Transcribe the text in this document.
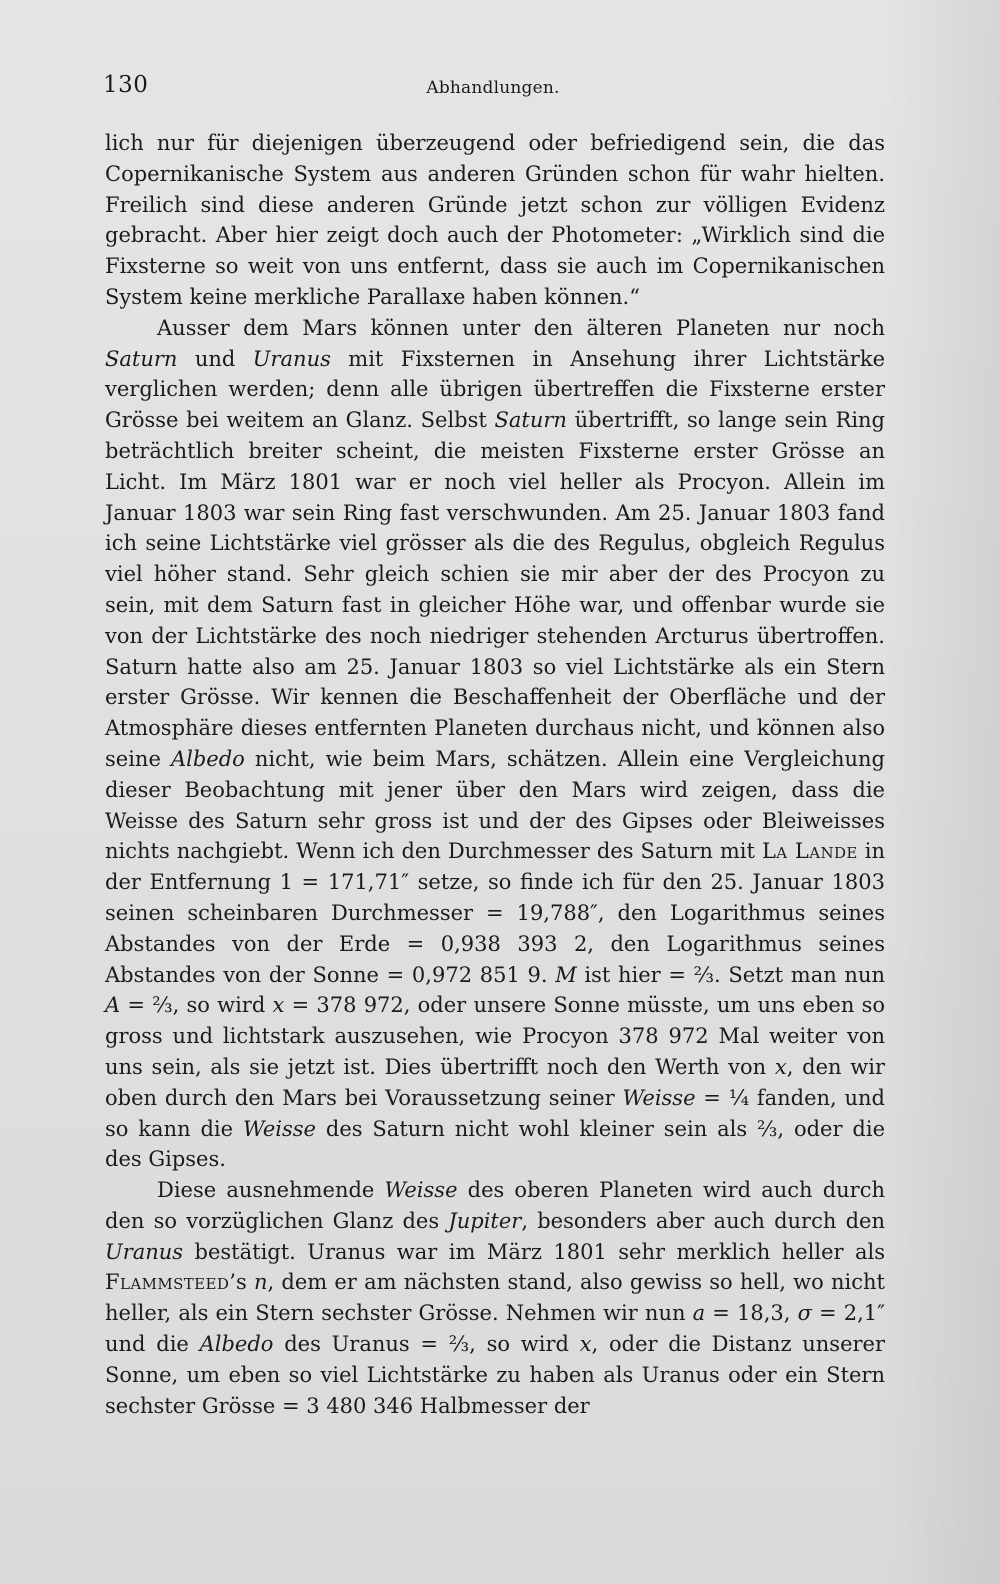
130	Abhandlungen.

lich nur für diejenigen überzeugend oder befriedigend sein, die das Copernikanische System aus anderen Gründen schon für wahr hielten. Freilich sind diese anderen Gründe jetzt schon zur völligen Evidenz gebracht. Aber hier zeigt doch auch der Photometer: „Wirklich sind die Fixsterne so weit von uns entfernt, dass sie auch im Copernikanischen System keine merkliche Parallaxe haben können.“

Ausser dem Mars können unter den älteren Planeten nur noch Saturn und Uranus mit Fixsternen in Ansehung ihrer Lichtstärke verglichen werden; denn alle übrigen übertreffen die Fixsterne erster Grösse bei weitem an Glanz. Selbst Saturn übertrifft, so lange sein Ring beträchtlich breiter scheint, die meisten Fixsterne erster Grösse an Licht. Im März 1801 war er noch viel heller als Procyon. Allein im Januar 1803 war sein Ring fast verschwunden. Am 25. Januar 1803 fand ich seine Lichtstärke viel grösser als die des Regulus, obgleich Regulus viel höher stand. Sehr gleich schien sie mir aber der des Procyon zu sein, mit dem Saturn fast in gleicher Höhe war, und offenbar wurde sie von der Lichtstärke des noch niedriger stehenden Arcturus übertroffen. Saturn hatte also am 25. Januar 1803 so viel Lichtstärke als ein Stern erster Grösse. Wir kennen die Beschaffenheit der Oberfläche und der Atmosphäre dieses entfernten Planeten durchaus nicht, und können also seine Albedo nicht, wie beim Mars, schätzen. Allein eine Vergleichung dieser Beobachtung mit jener über den Mars wird zeigen, dass die Weisse des Saturn sehr gross ist und der des Gipses oder Bleiweisses nichts nachgiebt. Wenn ich den Durchmesser des Saturn mit La Lande in der Entfernung 1 = 171,71″ setze, so finde ich für den 25. Januar 1803 seinen scheinbaren Durchmesser = 19,788″, den Logarithmus seines Abstandes von der Erde = 0,938 393 2, den Logarithmus seines Abstandes von der Sonne = 0,972 851 9. M ist hier = ⅔. Setzt man nun A = ⅔, so wird x = 378 972, oder unsere Sonne müsste, um uns eben so gross und lichtstark auszusehen, wie Procyon 378 972 Mal weiter von uns sein, als sie jetzt ist. Dies übertrifft noch den Werth von x, den wir oben durch den Mars bei Voraussetzung seiner Weisse = ¼ fanden, und so kann die Weisse des Saturn nicht wohl kleiner sein als ⅔, oder die des Gipses.

Diese ausnehmende Weisse des oberen Planeten wird auch durch den so vorzüglichen Glanz des Jupiter, besonders aber auch durch den Uranus bestätigt. Uranus war im März 1801 sehr merklich heller als Flammsteed’s n, dem er am nächsten stand, also gewiss so hell, wo nicht heller, als ein Stern sechster Grösse. Nehmen wir nun a = 18,3, σ = 2,1″ und die Albedo des Uranus = ⅔, so wird x, oder die Distanz unserer Sonne, um eben so viel Lichtstärke zu haben als Uranus oder ein Stern sechster Grösse = 3 480 346 Halbmesser der
